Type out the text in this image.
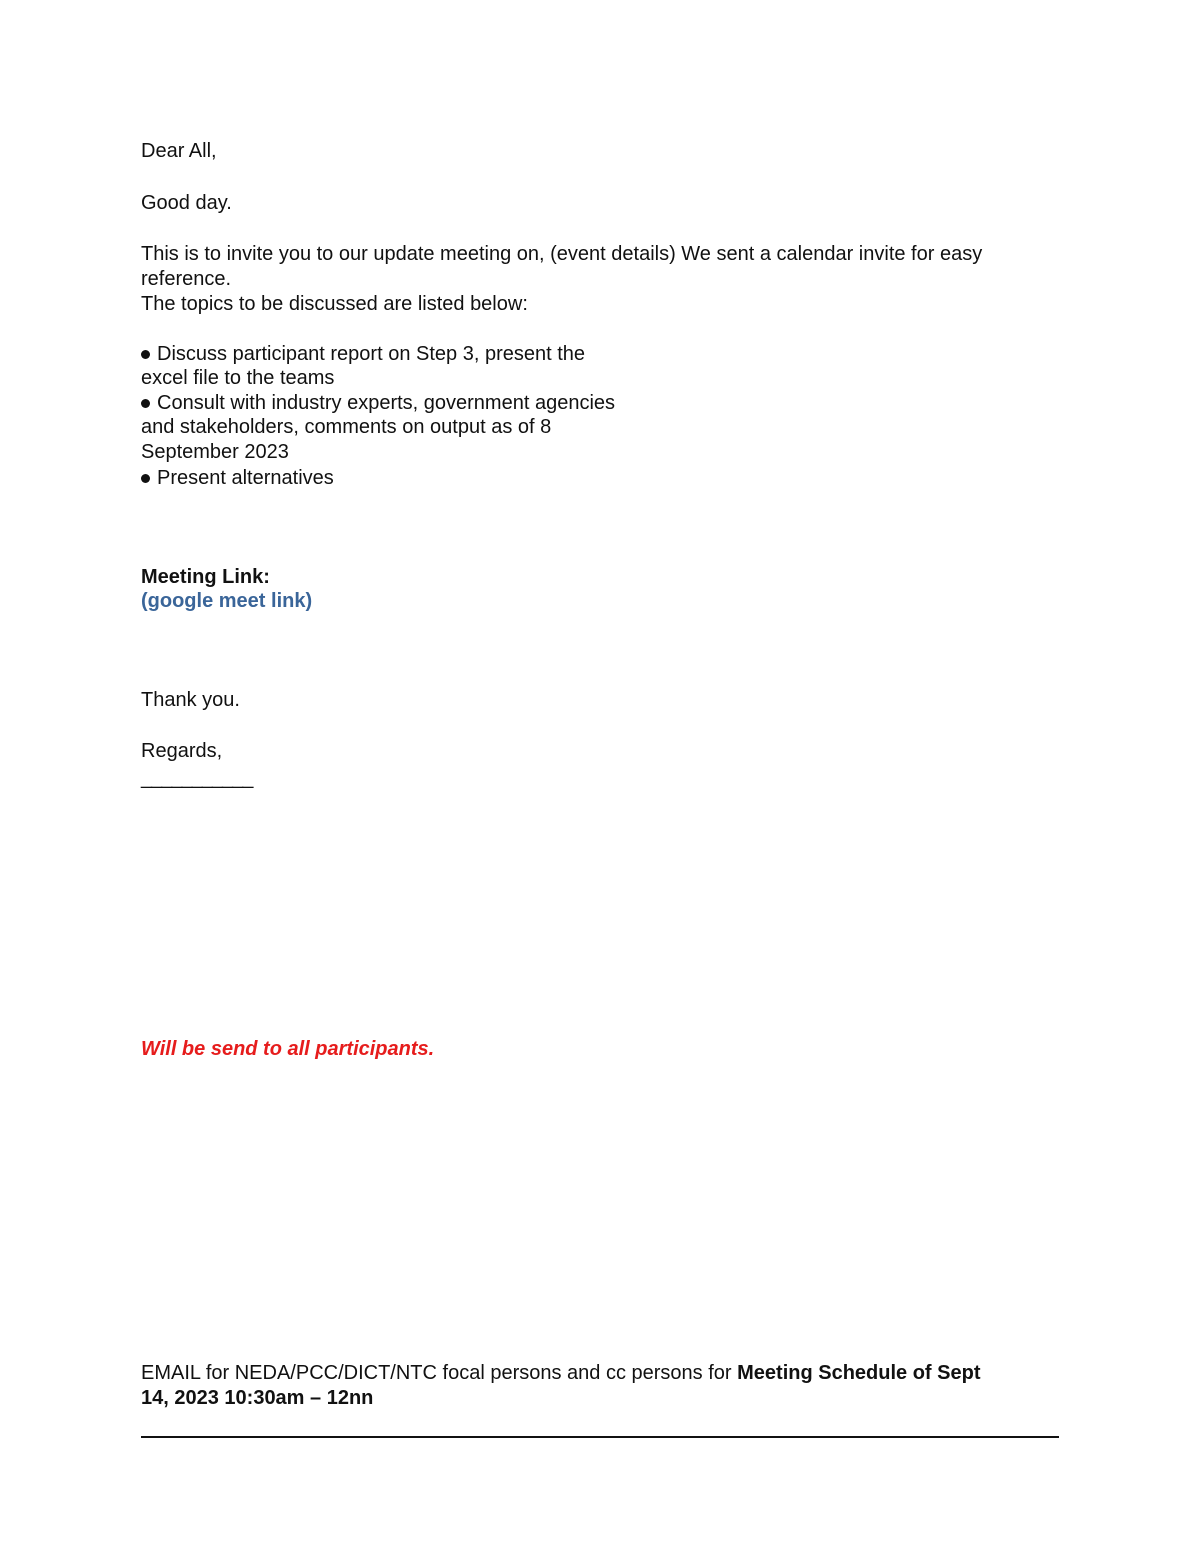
Dear All,
Good day.
This is to invite you to our update meeting on, (event details) We sent a calendar invite for easy
reference.
The topics to be discussed are listed below:
Discuss participant report on Step 3, present the
excel file to the teams
Consult with industry experts, government agencies
and stakeholders, comments on output as of 8
September 2023
Present alternatives
Meeting Link:
(google meet link)
Thank you.
Regards,
___________
Will be send to all participants.
EMAIL for NEDA/PCC/DICT/NTC focal persons and cc persons for Meeting Schedule of Sept
14, 2023 10:30am – 12nn
